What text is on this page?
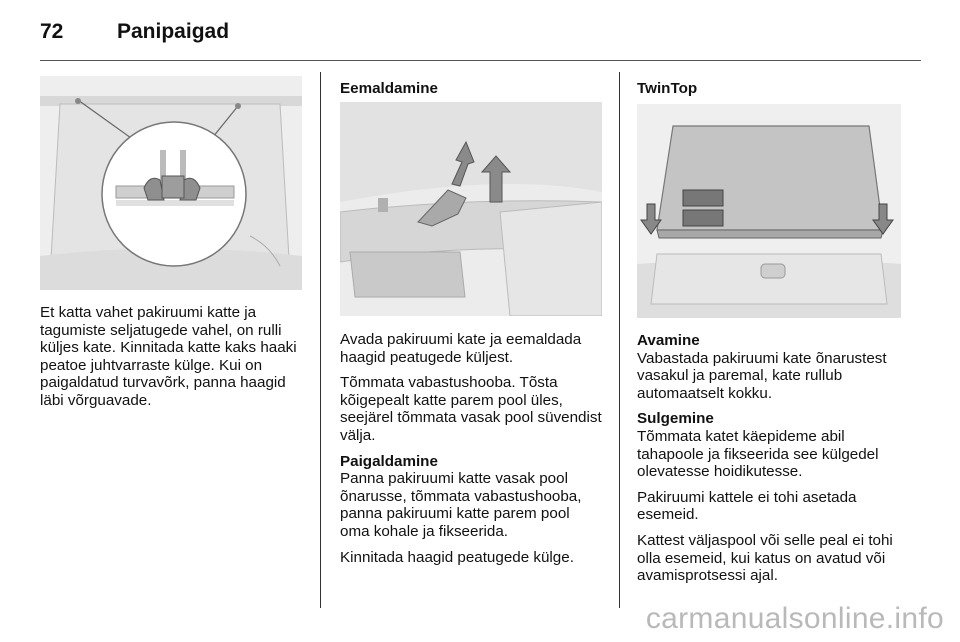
72	Panipaigad

Et katta vahet pakiruumi katte ja tagumiste seljatugede vahel, on rulli küljes kate. Kinnitada katte kaks haaki peatoe juhtvarraste külge. Kui on paigaldatud turvavõrk, panna haagid läbi võrguavade.

Eemaldamine

Avada pakiruumi kate ja eemaldada haagid peatugede küljest.

Tõmmata vabastushooba. Tõsta kõigepealt katte parem pool üles, seejärel tõmmata vasak pool süvendist välja.

Paigaldamine
Panna pakiruumi katte vasak pool õnarusse, tõmmata vabastushooba, panna pakiruumi katte parem pool oma kohale ja fikseerida.

Kinnitada haagid peatugede külge.

TwinTop

Avamine
Vabastada pakiruumi kate õnarustest vasakul ja paremal, kate rullub automaatselt kokku.

Sulgemine
Tõmmata katet käepideme abil tahapoole ja fikseerida see külgedel olevatesse hoidikutesse.

Pakiruumi kattele ei tohi asetada esemeid.

Kattest väljaspool või selle peal ei tohi olla esemeid, kui katus on avatud või avamisprotsessi ajal.

carmanualsonline.info
